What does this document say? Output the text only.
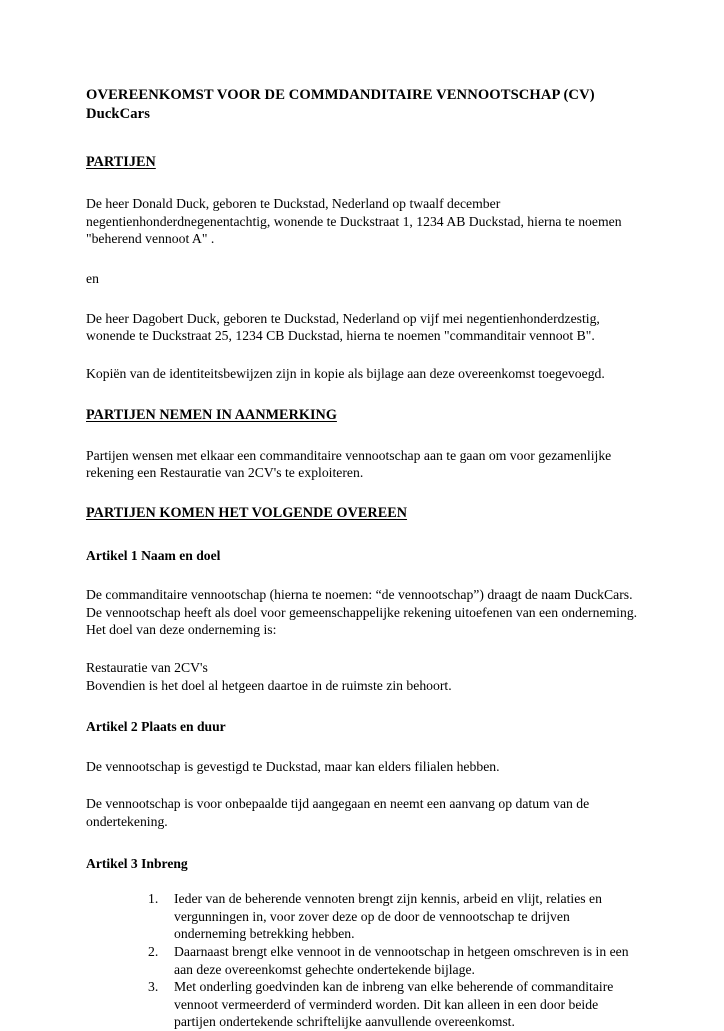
OVEREENKOMST VOOR DE COMMDANDITAIRE VENNOOTSCHAP (CV)
DuckCars
PARTIJEN

De heer Donald Duck, geboren te Duckstad, Nederland op twaalf december negentienhonderdnegenentachtig, wonende te Duckstraat 1, 1234 AB Duckstad, hierna te noemen "beherend vennoot A" .

en

De heer Dagobert Duck, geboren te Duckstad, Nederland op vijf mei negentienhonderdzestig, wonende te Duckstraat 25, 1234 CB Duckstad, hierna te noemen "commanditair vennoot B".

Kopiën van de identiteitsbewijzen zijn in kopie als bijlage aan deze overeenkomst toegevoegd.

PARTIJEN NEMEN IN AANMERKING

Partijen wensen met elkaar een commanditaire vennootschap aan te gaan om voor gezamenlijke rekening een Restauratie van 2CV's te exploiteren.

PARTIJEN KOMEN HET VOLGENDE OVEREEN
Artikel 1 Naam en doel

De commanditaire vennootschap (hierna te noemen: “de vennootschap”) draagt de naam DuckCars. De vennootschap heeft als doel voor gemeenschappelijke rekening uitoefenen van een onderneming. Het doel van deze onderneming is:

Restauratie van 2CV's

Bovendien is het doel al hetgeen daartoe in de ruimste zin behoort.

Artikel 2 Plaats en duur

De vennootschap is gevestigd te Duckstad, maar kan elders filialen hebben.

De vennootschap is voor onbepaalde tijd aangegaan en neemt een aanvang op datum van de ondertekening.

Artikel 3 Inbreng
Ieder van de beherende vennoten brengt zijn kennis, arbeid en vlijt, relaties en vergunningen in, voor zover deze op de door de vennootschap te drijven onderneming betrekking hebben.
Daarnaast brengt elke vennoot in de vennootschap in hetgeen omschreven is in een aan deze overeenkomst gehechte ondertekende bijlage.
Met onderling goedvinden kan de inbreng van elke beherende of commanditaire vennoot vermeerderd of verminderd worden. Dit kan alleen in een door beide partijen ondertekende schriftelijke aanvullende overeenkomst.
